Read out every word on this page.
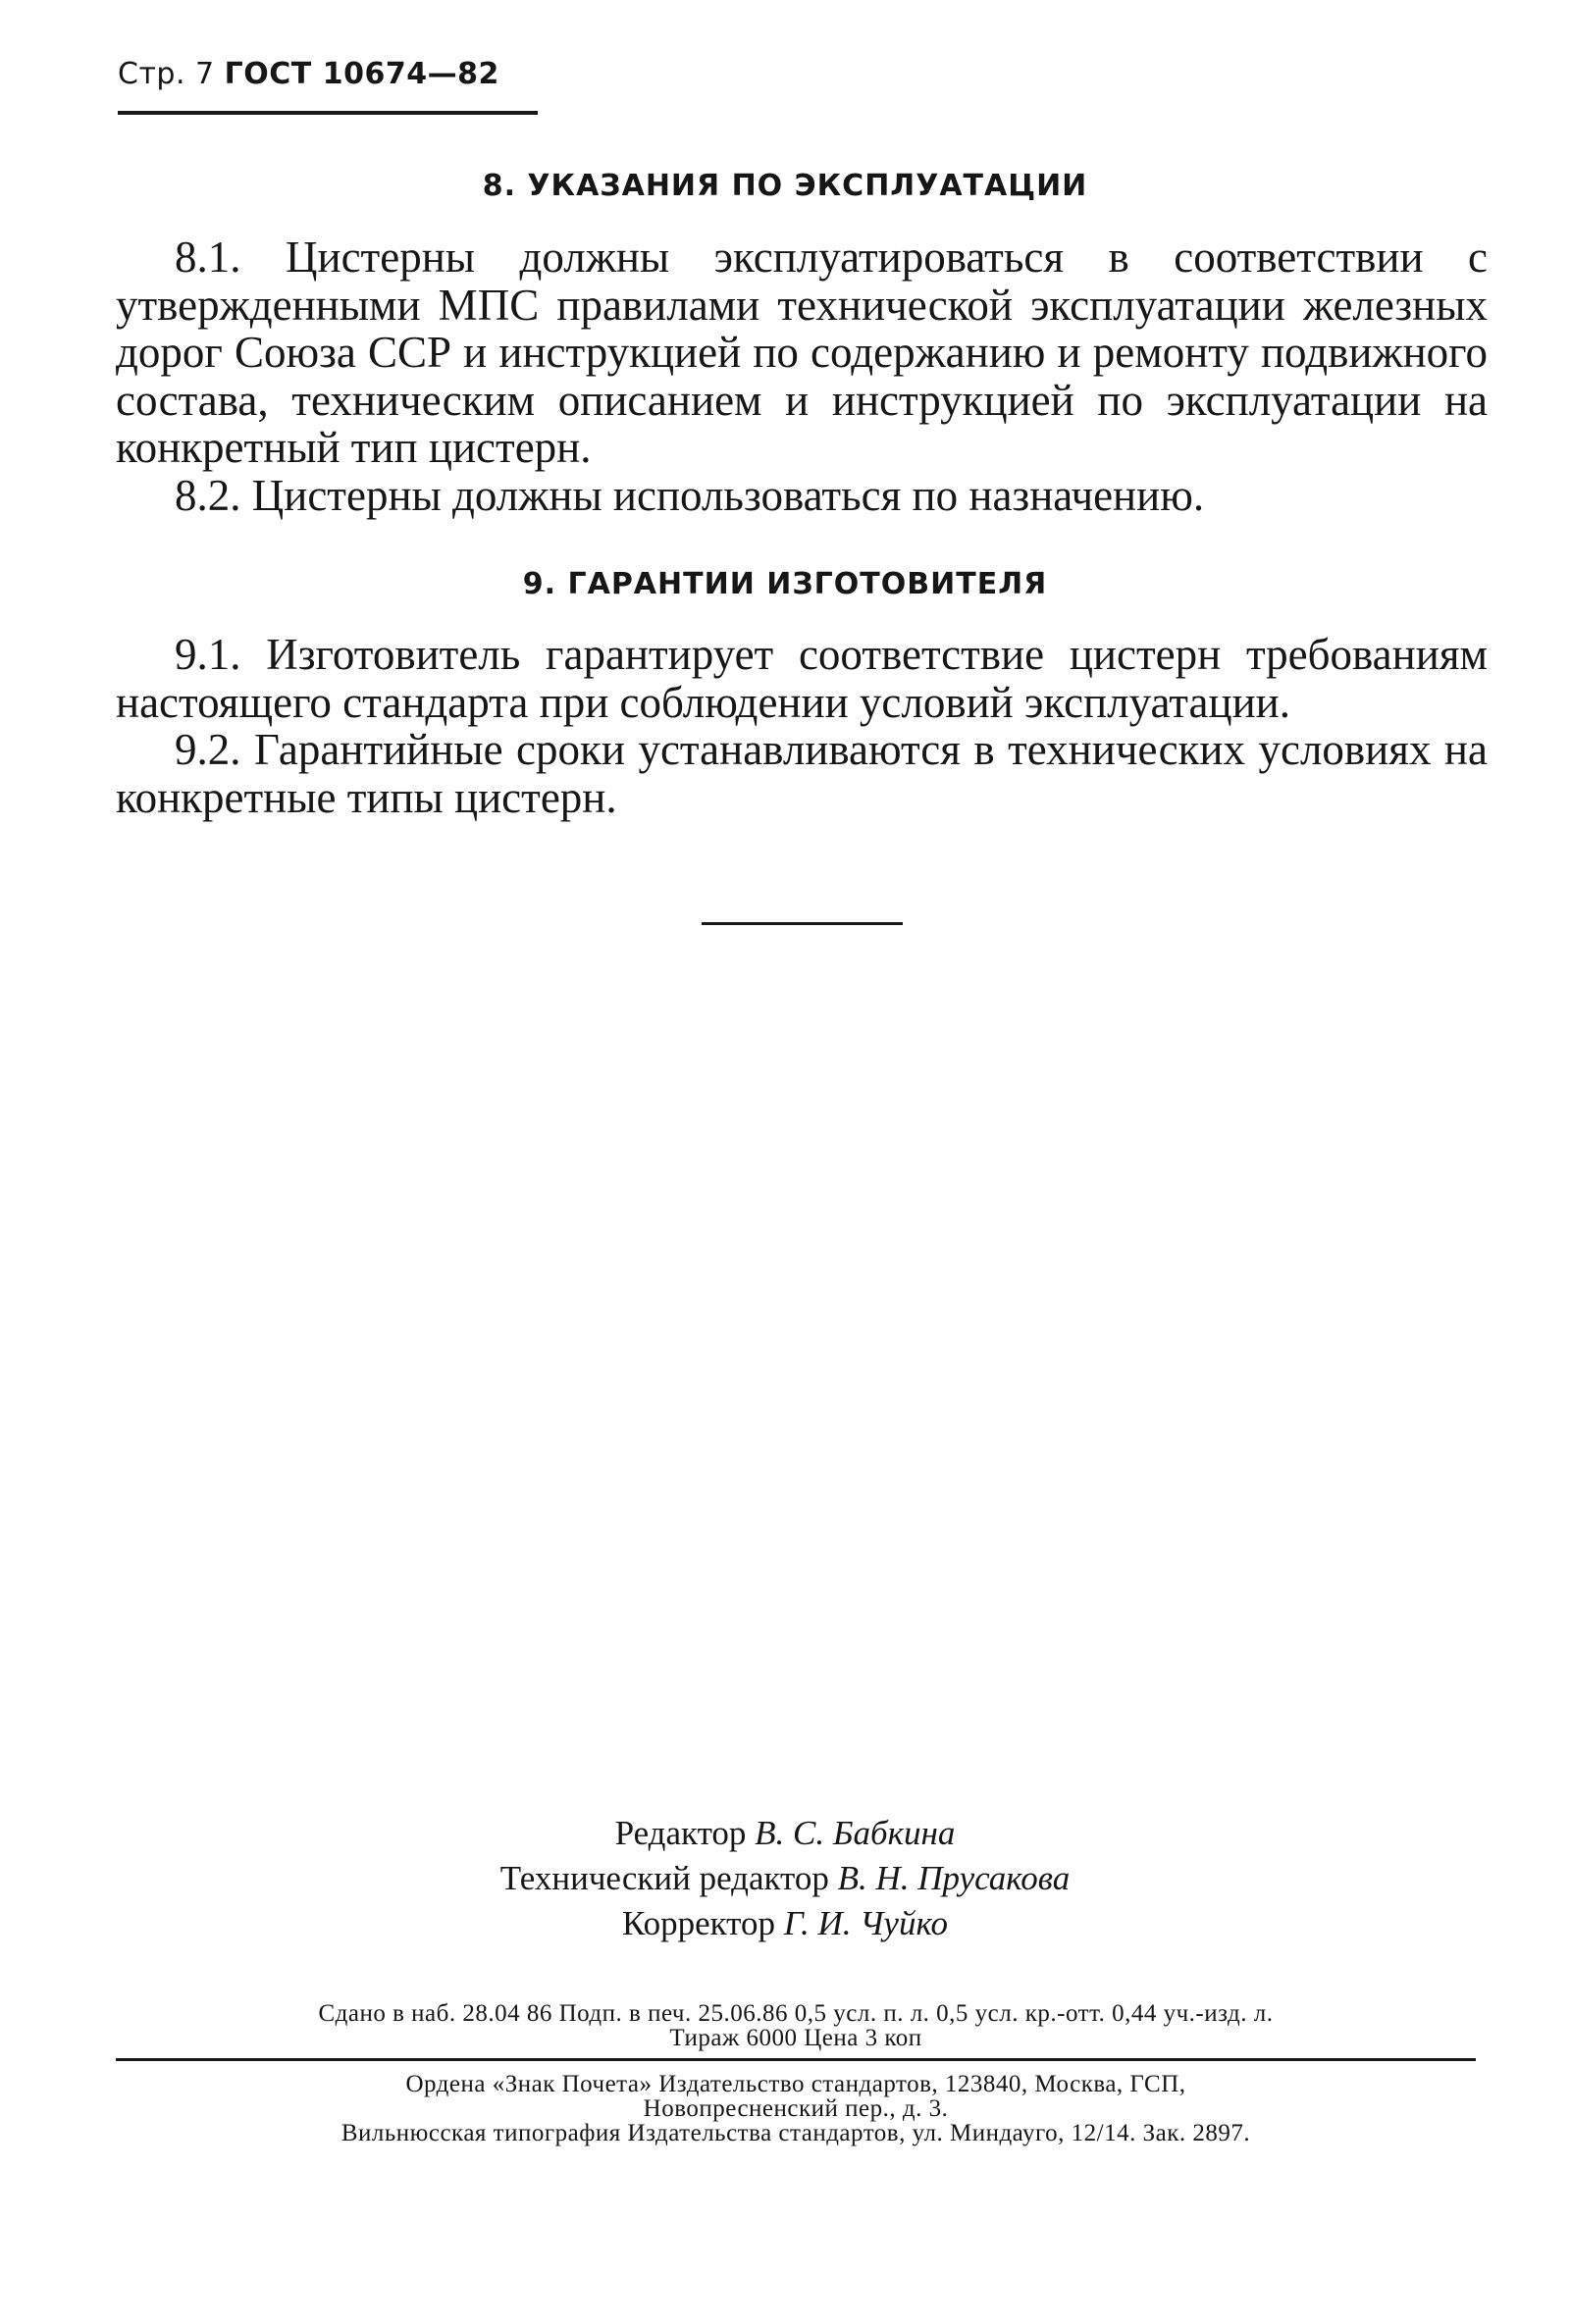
Стр. 7 ГОСТ 10674—82
8. УКАЗАНИЯ ПО ЭКСПЛУАТАЦИИ

8.1. Цистерны должны эксплуатироваться в соответствии с утвержденными МПС правилами технической эксплуатации железных дорог Союза ССР и инструкцией по содержанию и ремонту подвижного состава, техническим описанием и инструкцией по эксплуатации на конкретный тип цистерн.

8.2. Цистерны должны использоваться по назначению.

9. ГАРАНТИИ ИЗГОТОВИТЕЛЯ

9.1. Изготовитель гарантирует соответствие цистерн требованиям настоящего стандарта при соблюдении условий эксплуатации.

9.2. Гарантийные сроки устанавливаются в технических условиях на конкретные типы цистерн.

Редактор В. С. Бабкина
Технический редактор В. Н. Прусакова
Корректор Г. И. Чуйко
Сдано в наб. 28.04 86 Подп. в печ. 25.06.86 0,5 усл. п. л. 0,5 усл. кр.-отт. 0,44 уч.-изд. л.
Тираж 6000 Цена 3 коп
Ордена «Знак Почета» Издательство стандартов, 123840, Москва, ГСП,
Новопресненский пер., д. 3.
Вильнюсская типография Издательства стандартов, ул. Миндауго, 12/14. Зак. 2897.
